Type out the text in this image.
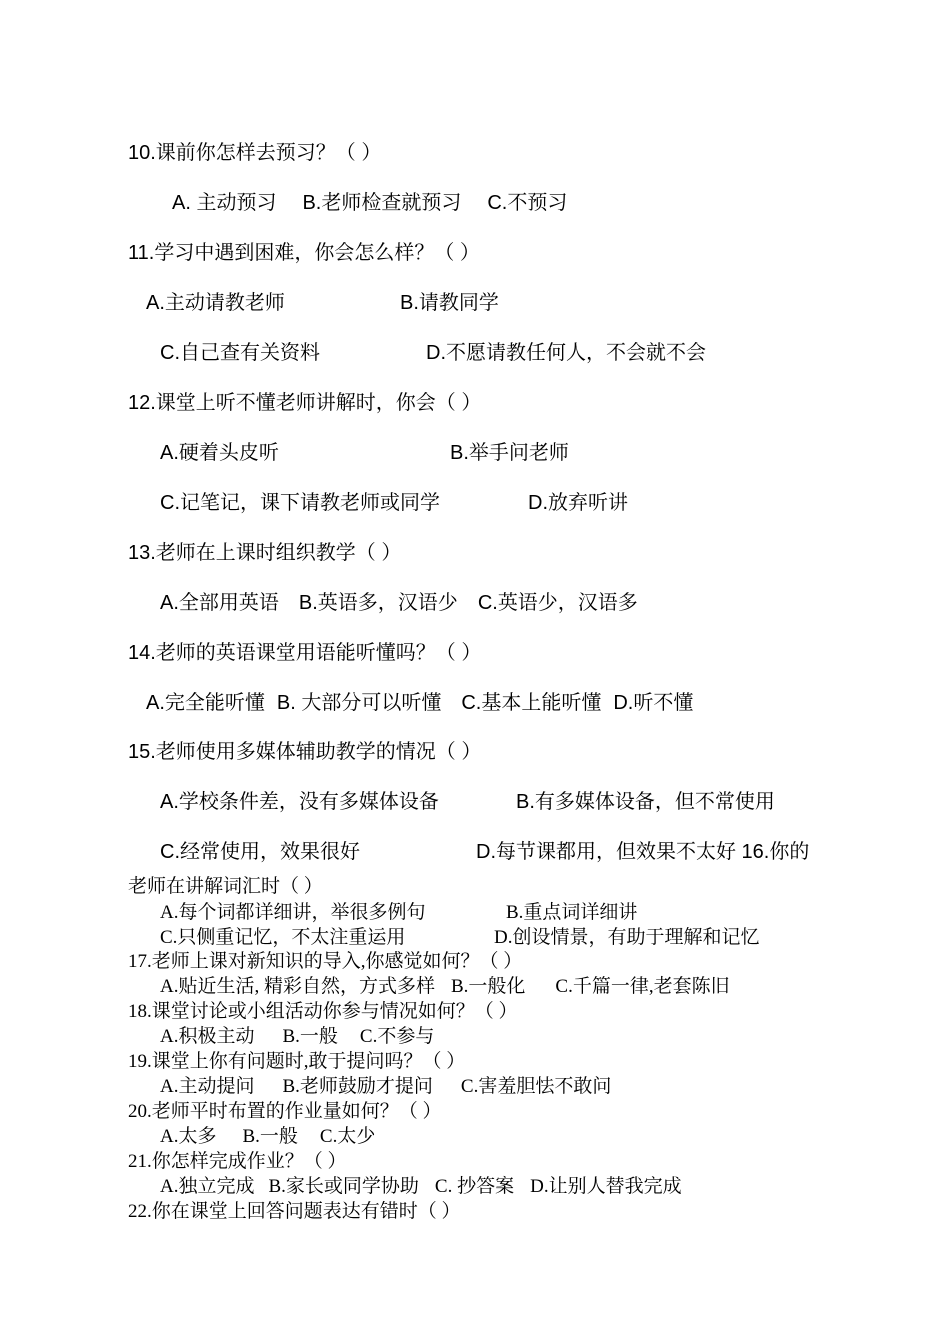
10.课前你怎样去预习？（ ）
A. 主动预习 B.老师检查就预习 C.不预习
11.学习中遇到困难，你会怎么样？（ ）
A.主动请教老师	B.请教同学
C.自己查有关资料	D.不愿请教任何人，不会就不会
12.课堂上听不懂老师讲解时，你会（ ）
A.硬着头皮听	B.举手问老师
C.记笔记，课下请教老师或同学	D.放弃听讲
13.老师在上课时组织教学（ ）
A.全部用英语 B.英语多，汉语少 C.英语少，汉语多
14.老师的英语课堂用语能听懂吗？（ ）
A.完全能听懂 B. 大部分可以听懂 C.基本上能听懂 D.听不懂
15.老师使用多媒体辅助教学的情况（ ）
A.学校条件差，没有多媒体设备	B.有多媒体设备，但不常使用
C.经常使用，效果很好	D.每节课都用，但效果不太好 16.你的
老师在讲解词汇时（ ）
A.每个词都详细讲，举很多例句	B.重点词详细讲
C.只侧重记忆，不太注重运用	D.创设情景，有助于理解和记忆
17.老师上课对新知识的导入,你感觉如何？（ ）
A.贴近生活, 精彩自然，方式多样 B.一般化 C.千篇一律,老套陈旧
18.课堂讨论或小组活动你参与情况如何？（ ）
A.积极主动 B.一般 C.不参与
19.课堂上你有问题时,敢于提问吗？（ ）
A.主动提问 B.老师鼓励才提问 C.害羞胆怯不敢问
20.老师平时布置的作业量如何？（ ）
A.太多 B.一般 C.太少
21.你怎样完成作业？（ ）
A.独立完成 B.家长或同学协助 C. 抄答案 D.让别人替我完成
22.你在课堂上回答问题表达有错时（ ）
